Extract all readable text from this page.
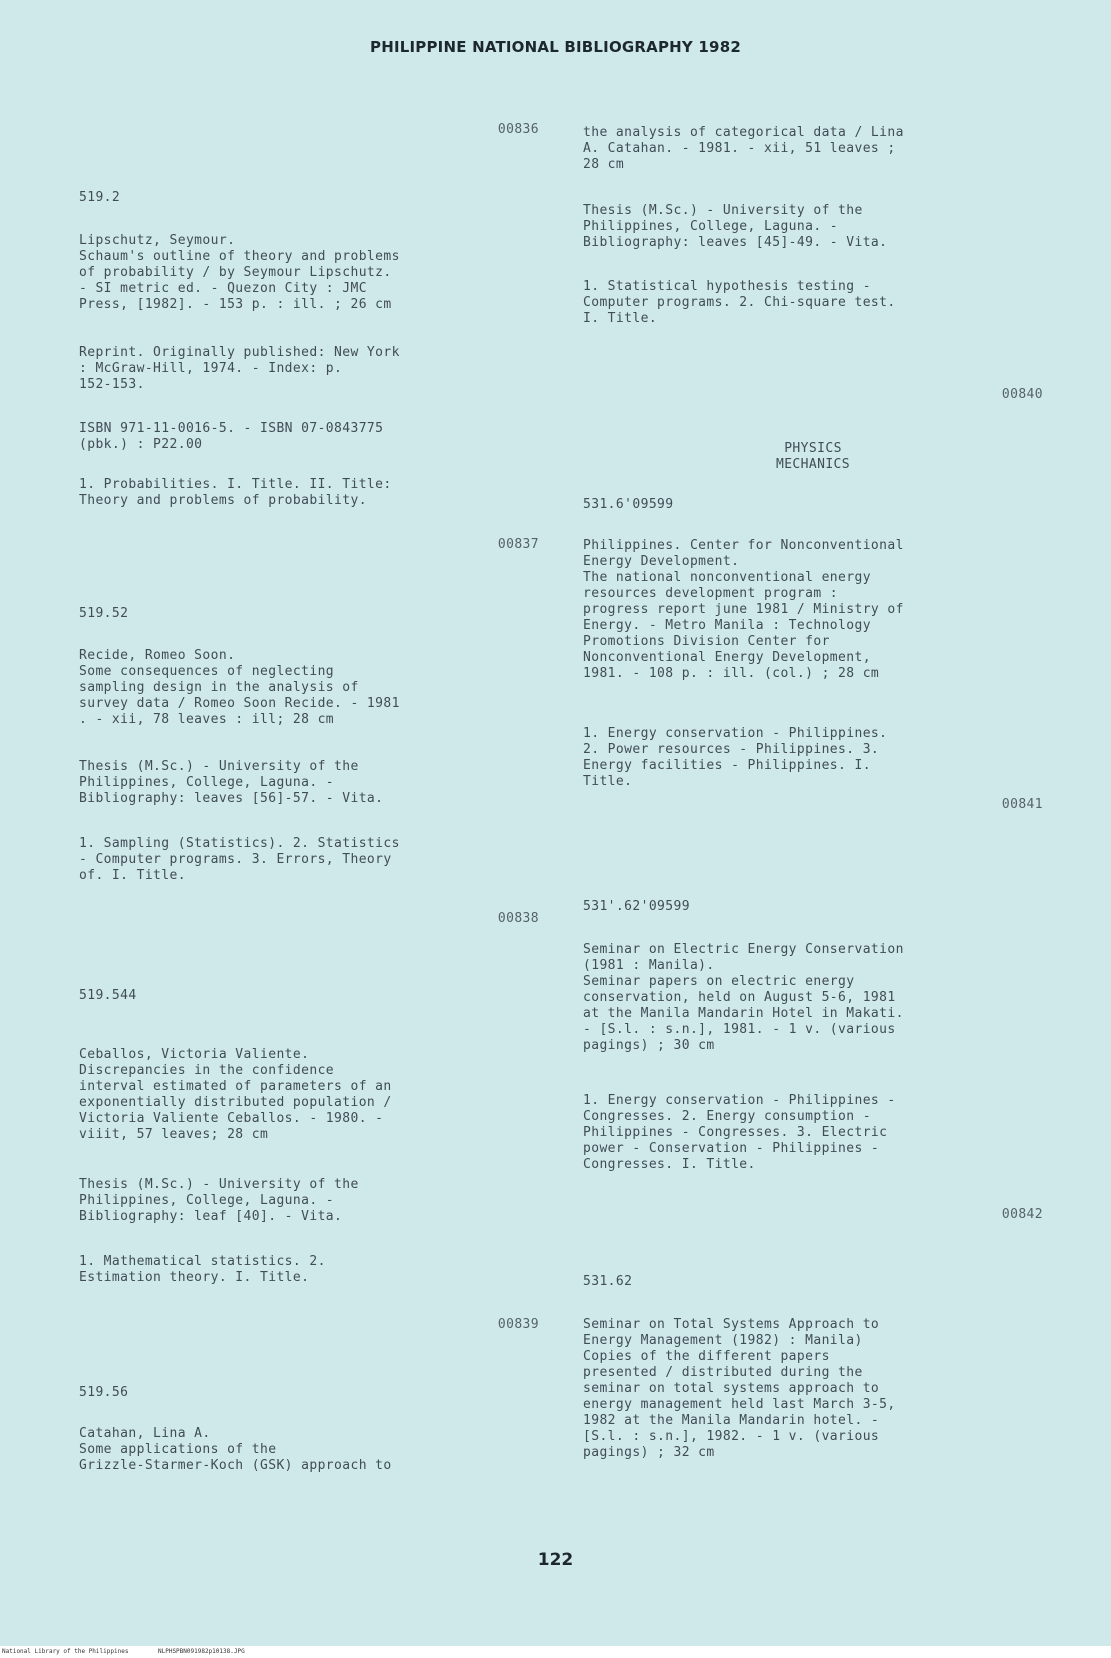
PHILIPPINE NATIONAL BIBLIOGRAPHY 1982
00836
519.2

Lipschutz, Seymour.
Schaum's outline of theory and problems
of probability / by Seymour Lipschutz.
- SI metric ed. - Quezon City : JMC
Press, [1982]. - 153 p. : ill. ; 26 cm

Reprint. Originally published: New York
: McGraw-Hill, 1974. - Index: p.
152-153.

ISBN 971-11-0016-5. - ISBN 07-0843775
(pbk.) : P22.00

1. Probabilities. I. Title. II. Title:
Theory and problems of probability.

00837
519.52

Recide, Romeo Soon.
Some consequences of neglecting
sampling design in the analysis of
survey data / Romeo Soon Recide. - 1981
. - xii, 78 leaves : ill; 28 cm

Thesis (M.Sc.) - University of the
Philippines, College, Laguna. -
Bibliography: leaves [56]-57. - Vita.

1. Sampling (Statistics). 2. Statistics
- Computer programs. 3. Errors, Theory
of. I. Title.

00838
519.544

Ceballos, Victoria Valiente.
Discrepancies in the confidence
interval estimated of parameters of an
exponentially distributed population /
Victoria Valiente Ceballos. - 1980. -
viiit, 57 leaves; 28 cm

Thesis (M.Sc.) - University of the
Philippines, College, Laguna. -
Bibliography: leaf [40]. - Vita.

1. Mathematical statistics. 2.
Estimation theory. I. Title.

00839
519.56

Catahan, Lina A.
Some applications of the
Grizzle-Starmer-Koch (GSK) approach to

the analysis of categorical data / Lina
A. Catahan. - 1981. - xii, 51 leaves ;
28 cm

Thesis (M.Sc.) - University of the
Philippines, College, Laguna. -
Bibliography: leaves [45]-49. - Vita.

1. Statistical hypothesis testing -
Computer programs. 2. Chi-square test.
I. Title.

00840
PHYSICS
MECHANICS
531.6'09599

Philippines. Center for Nonconventional
Energy Development.
The national nonconventional energy
resources development program :
progress report june 1981 / Ministry of
Energy. - Metro Manila : Technology
Promotions Division Center for
Nonconventional Energy Development,
1981. - 108 p. : ill. (col.) ; 28 cm

1. Energy conservation - Philippines.
2. Power resources - Philippines. 3.
Energy facilities - Philippines. I.
Title.

00841
531'.62'09599

Seminar on Electric Energy Conservation
(1981 : Manila).
Seminar papers on electric energy
conservation, held on August 5-6, 1981
at the Manila Mandarin Hotel in Makati.
- [S.l. : s.n.], 1981. - 1 v. (various
pagings) ; 30 cm

1. Energy conservation - Philippines -
Congresses. 2. Energy consumption -
Philippines - Congresses. 3. Electric
power - Conservation - Philippines -
Congresses. I. Title.

00842
531.62

Seminar on Total Systems Approach to
Energy Management (1982) : Manila)
Copies of the different papers
presented / distributed during the
seminar on total systems approach to
energy management held last March 3-5,
1982 at the Manila Mandarin hotel. -
[S.l. : s.n.], 1982. - 1 v. (various
pagings) ; 32 cm

122
National Library of the Philippines	NLPHSPBN091982p10138.JPG
